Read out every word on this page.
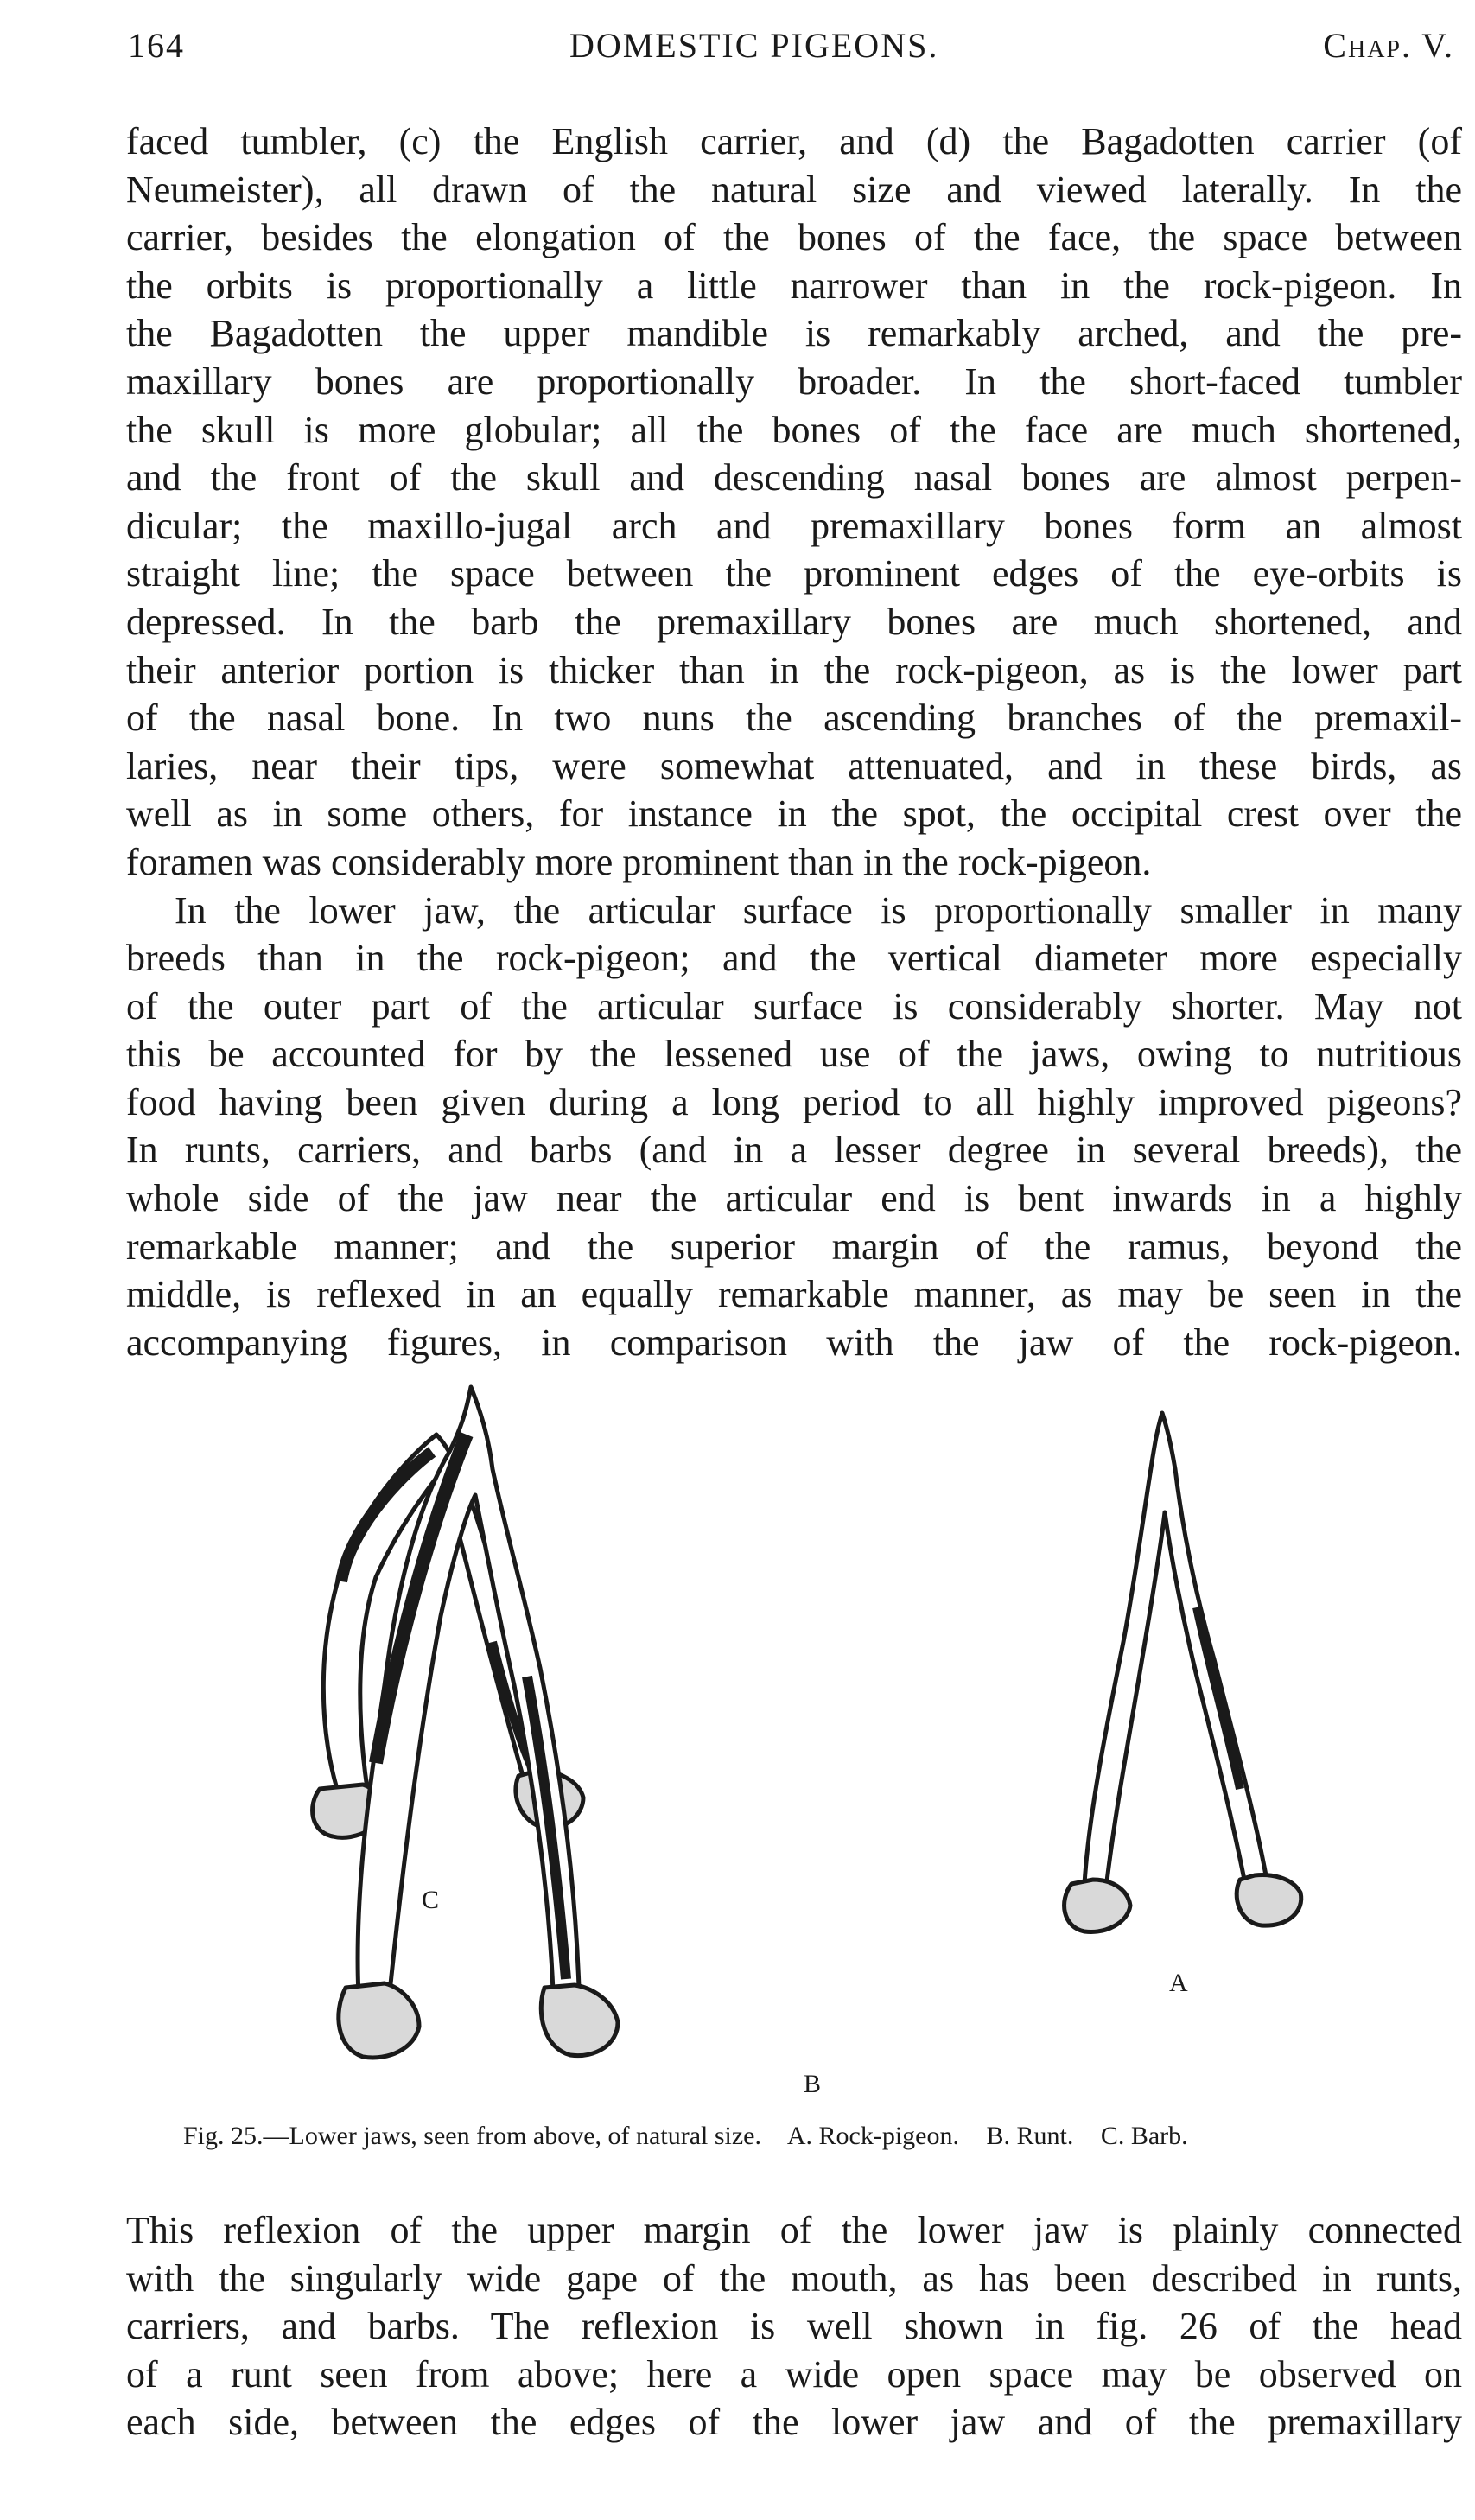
164	DOMESTIC PIGEONS.	Chap. V.
faced tumbler, (c) the English carrier, and (d) the Bagadotten carrier (of
Neumeister), all drawn of the natural size and viewed laterally. In the
carrier, besides the elongation of the bones of the face, the space between
the orbits is proportionally a little narrower than in the rock-pigeon. In
the Bagadotten the upper mandible is remarkably arched, and the pre-
maxillary bones are proportionally broader. In the short-faced tumbler
the skull is more globular; all the bones of the face are much shortened,
and the front of the skull and descending nasal bones are almost perpen-
dicular; the maxillo-jugal arch and premaxillary bones form an almost
straight line; the space between the prominent edges of the eye-orbits is
depressed. In the barb the premaxillary bones are much shortened, and
their anterior portion is thicker than in the rock-pigeon, as is the lower part
of the nasal bone. In two nuns the ascending branches of the premaxil-
laries, near their tips, were somewhat attenuated, and in these birds, as
well as in some others, for instance in the spot, the occipital crest over the
foramen was considerably more prominent than in the rock-pigeon.
In the lower jaw, the articular surface is proportionally smaller in many
breeds than in the rock-pigeon; and the vertical diameter more especially
of the outer part of the articular surface is considerably shorter. May not
this be accounted for by the lessened use of the jaws, owing to nutritious
food having been given during a long period to all highly improved pigeons?
In runts, carriers, and barbs (and in a lesser degree in several breeds), the
whole side of the jaw near the articular end is bent inwards in a highly
remarkable manner; and the superior margin of the ramus, beyond the
middle, is reflexed in an equally remarkable manner, as may be seen in the
accompanying figures, in comparison with the jaw of the rock-pigeon.
C
B
A
Fig. 25.—Lower jaws, seen from above, of natural size. A. Rock-pigeon. B. Runt. C. Barb.
This reflexion of the upper margin of the lower jaw is plainly connected
with the singularly wide gape of the mouth, as has been described in runts,
carriers, and barbs. The reflexion is well shown in fig. 26 of the head
of a runt seen from above; here a wide open space may be observed on
each side, between the edges of the lower jaw and of the premaxillary
